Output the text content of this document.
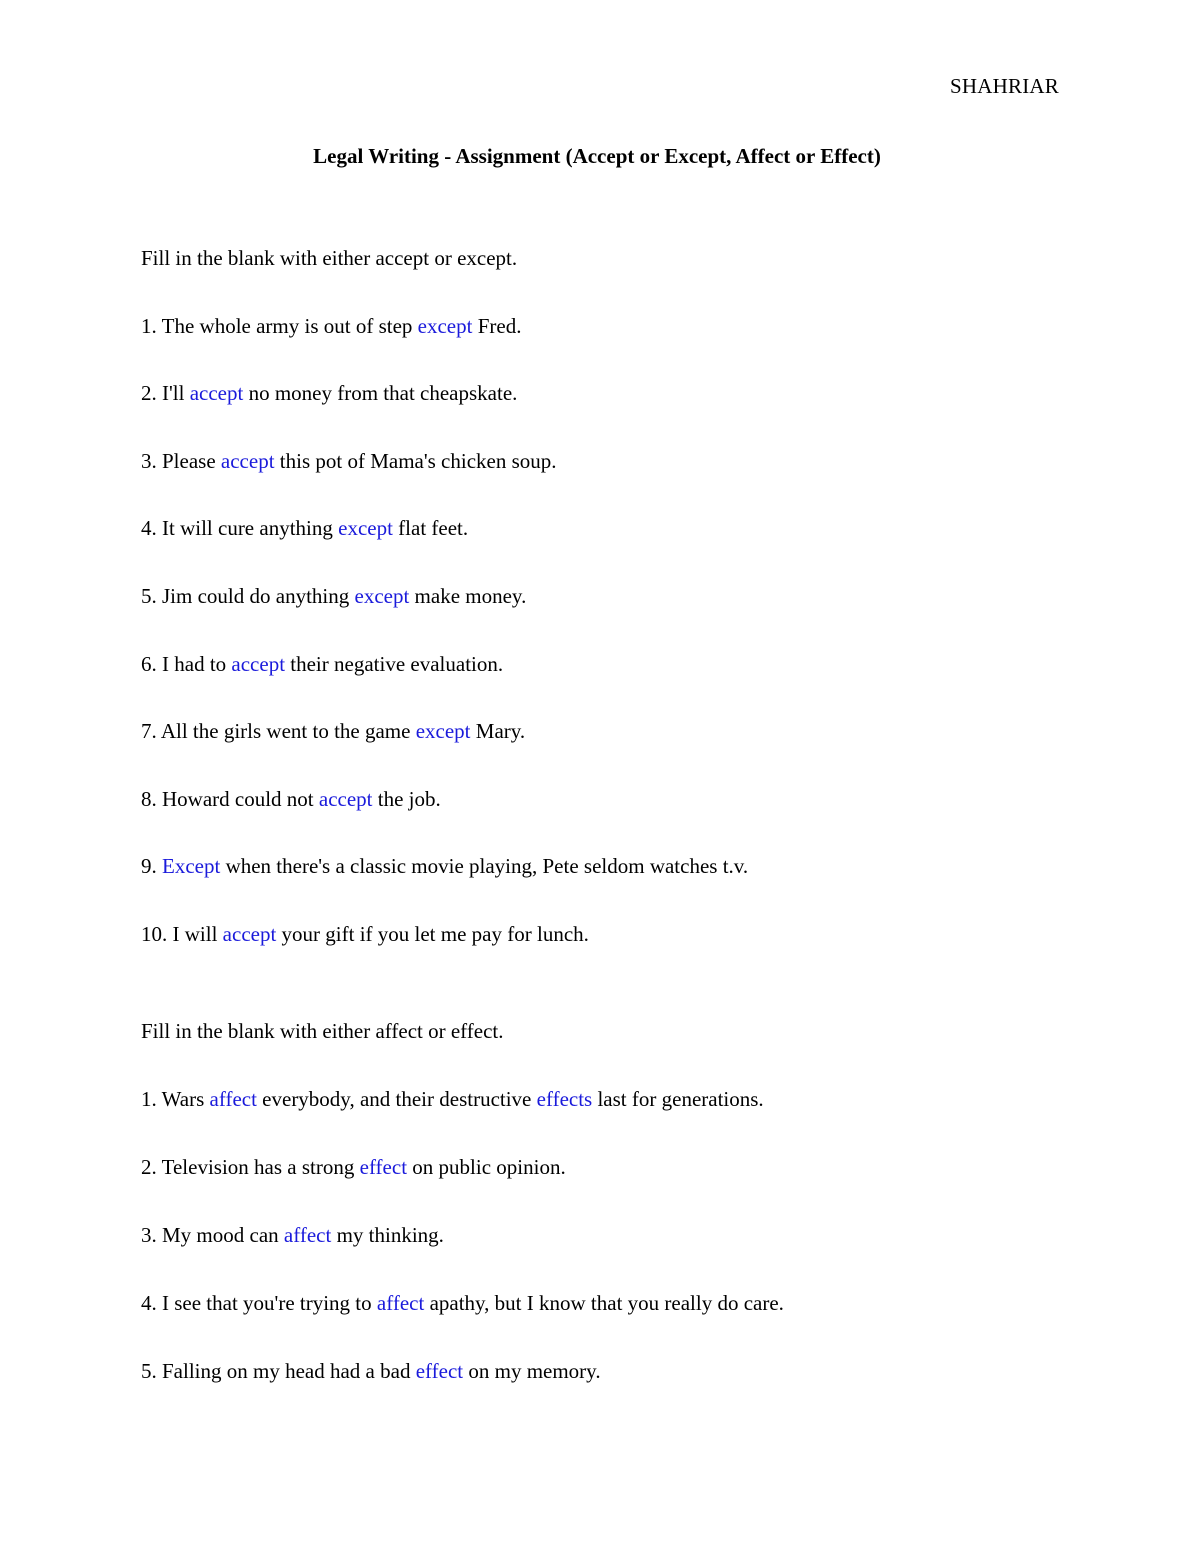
SHAHRIAR
Legal Writing - Assignment (Accept or Except, Affect or Effect)

Fill in the blank with either accept or except.

1. The whole army is out of step except Fred.
2. I'll accept no money from that cheapskate.
3. Please accept this pot of Mama's chicken soup.
4. It will cure anything except flat feet.
5. Jim could do anything except make money.
6. I had to accept their negative evaluation.
7. All the girls went to the game except Mary.
8. Howard could not accept the job.
9. Except when there's a classic movie playing, Pete seldom watches t.v.
10. I will accept your gift if you let me pay for lunch.

Fill in the blank with either affect or effect.

1. Wars affect everybody, and their destructive effects last for generations.
2. Television has a strong effect on public opinion.
3. My mood can affect my thinking.
4. I see that you're trying to affect apathy, but I know that you really do care.
5. Falling on my head had a bad effect on my memory.
